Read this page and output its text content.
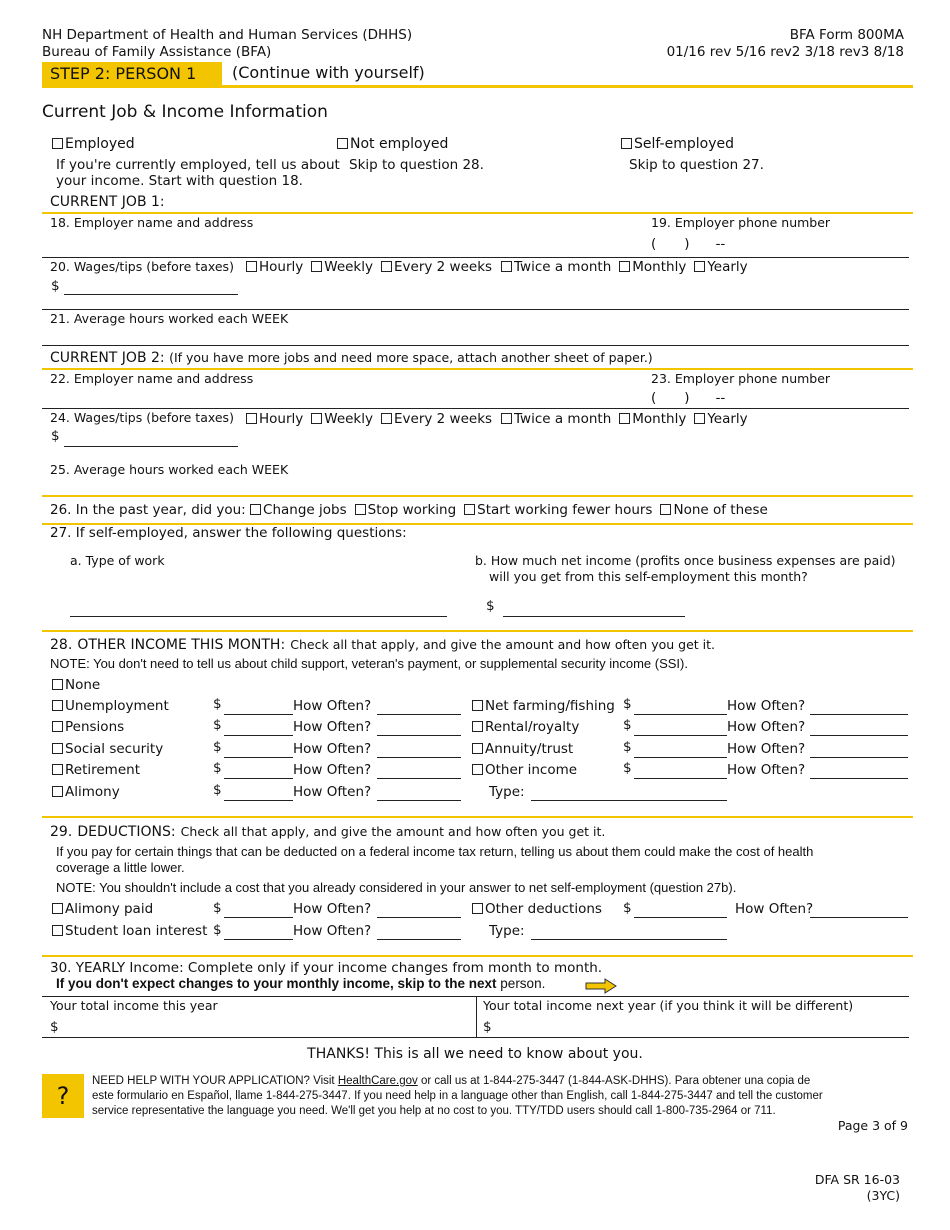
NH Department of Health and Human Services (DHHS)
Bureau of Family Assistance (BFA)
BFA Form 800MA
01/16 rev 5/16 rev2 3/18 rev3 8/18
STEP 2: PERSON 1	(Continue with yourself)
Current Job & Income Information
Employed
If you're currently employed, tell us about
your income. Start with question 18.
Not employed
Skip to question 28.
Self-employed
Skip to question 27.
CURRENT JOB 1:
18. Employer name and address	19. Employer phone number
( ) --
20. Wages/tips (before taxes)	Hourly Weekly Every 2 weeks Twice a month Monthly Yearly
$
21. Average hours worked each WEEK
CURRENT JOB 2: (If you have more jobs and need more space, attach another sheet of paper.)
22. Employer name and address	23. Employer phone number
( ) --
24. Wages/tips (before taxes)	Hourly Weekly Every 2 weeks Twice a month Monthly Yearly
$
25. Average hours worked each WEEK
26. In the past year, did you: Change jobs Stop working Start working fewer hours None of these
27. If self-employed, answer the following questions:
a. Type of work	b. How much net income (profits once business expenses are paid)
will you get from this self-employment this month?
$
28. OTHER INCOME THIS MONTH: Check all that apply, and give the amount and how often you get it.
NOTE: You don't need to tell us about child support, veteran's payment, or supplemental security income (SSI).
None
Unemployment	$	How Often?
Pensions	$	How Often?
Social security	$	How Often?
Retirement	$	How Often?
Alimony	$	How Often?
Net farming/fishing $	How Often?
Rental/royalty	$	How Often?
Annuity/trust	$	How Often?
Other income	$	How Often?
Type:
29. DEDUCTIONS: Check all that apply, and give the amount and how often you get it.
If you pay for certain things that can be deducted on a federal income tax return, telling us about them could make the cost of health
coverage a little lower.
NOTE: You shouldn't include a cost that you already considered in your answer to net self-employment (question 27b).
Alimony paid	$	How Often?	Other deductions $	How Often?
Student loan interest $	How Often?	Type:
30. YEARLY Income: Complete only if your income changes from month to month.
If you don't expect changes to your monthly income, skip to the next person.
Your total income this year
$
Your total income next year (if you think it will be different)
$
THANKS! This is all we need to know about you.
?
NEED HELP WITH YOUR APPLICATION? Visit HealthCare.gov or call us at 1-844-275-3447 (1-844-ASK-DHHS). Para obtener una copia de
este formulario en Español, llame 1-844-275-3447. If you need help in a language other than English, call 1-844-275-3447 and tell the customer
service representative the language you need. We'll get you help at no cost to you. TTY/TDD users should call 1-800-735-2964 or 711.
Page 3 of 9
DFA SR 16-03
(3YC)
